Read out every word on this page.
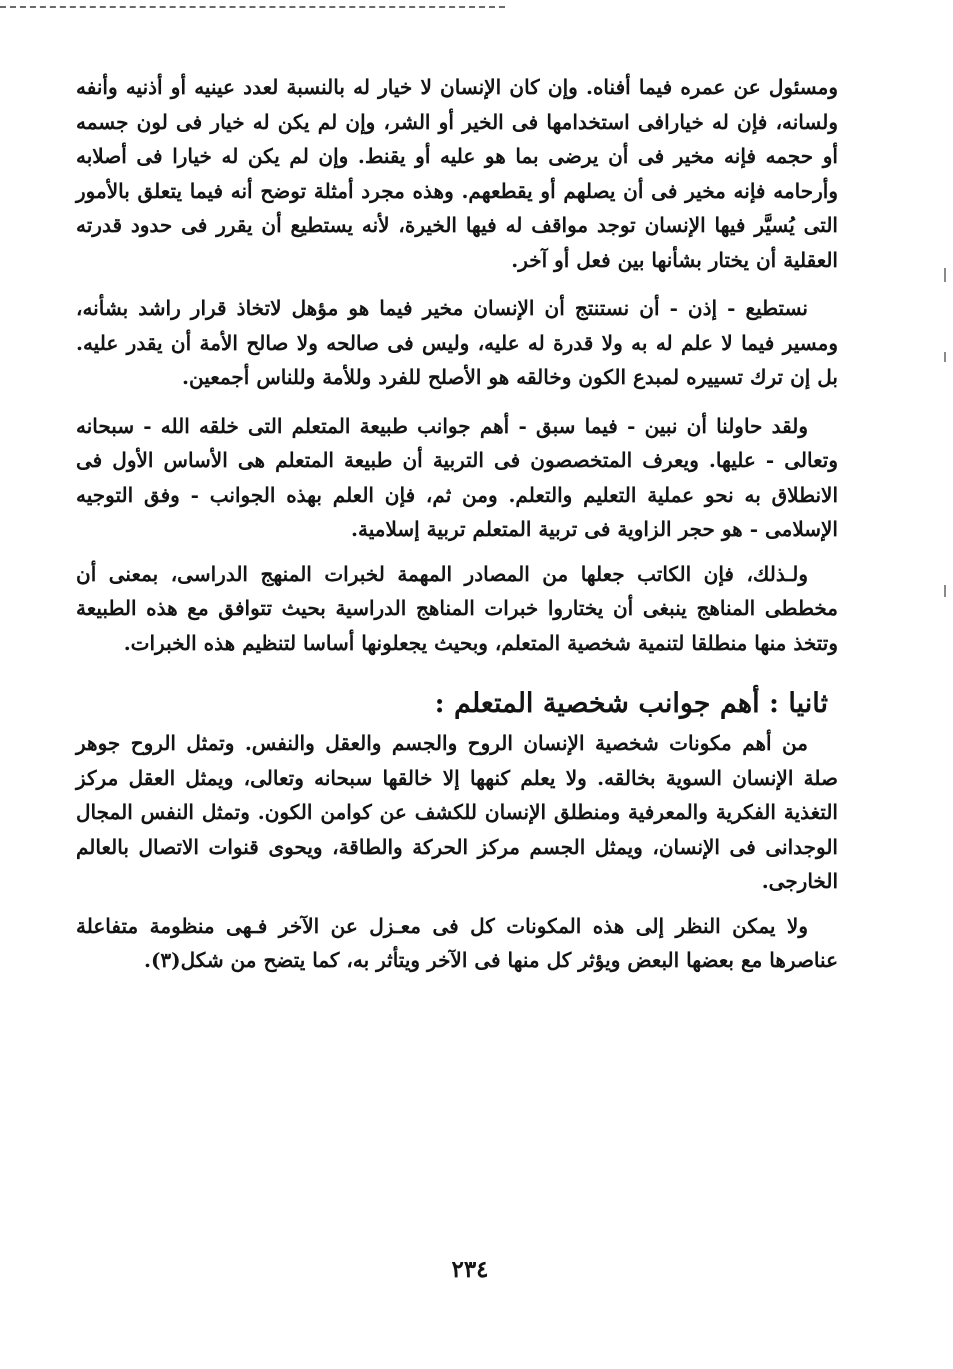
ومسئول عن عمره فيما أفناه. وإن كان الإنسان لا خيار له بالنسبة لعدد عينيه أو أذنيه وأنفه ولسانه، فإن له خيارافى استخدامها فى الخير أو الشر، وإن لم يكن له خيار فى لون جسمه أو حجمه فإنه مخير فى أن يرضى بما هو عليه أو يقنط. وإن لم يكن له خيارا فى أصلابه وأرحامه فإنه مخير فى أن يصلهم أو يقطعهم. وهذه مجرد أمثلة توضح أنه فيما يتعلق بالأمور التى يُسيَّر فيها الإنسان توجد مواقف له فيها الخيرة، لأنه يستطيع أن يقرر فى حدود قدرته العقلية أن يختار بشأنها بين فعل أو آخر.

نستطيع - إذن - أن نستنتج أن الإنسان مخير فيما هو مؤهل لاتخاذ قرار راشد بشأنه، ومسير فيما لا علم له به ولا قدرة له عليه، وليس فى صالحه ولا صالح الأمة أن يقدر عليه. بل إن ترك تسييره لمبدع الكون وخالقه هو الأصلح للفرد وللأمة وللناس أجمعين.

ولقد حاولنا أن نبين - فيما سبق - أهم جوانب طبيعة المتعلم التى خلقه الله - سبحانه وتعالى - عليها. ويعرف المتخصصون فى التربية أن طبيعة المتعلم هى الأساس الأول فى الانطلاق به نحو عملية التعليم والتعلم. ومن ثم، فإن العلم بهذه الجوانب - وفق التوجيه الإسلامى - هو حجر الزاوية فى تربية المتعلم تربية إسلامية.

ولـذلك، فإن الكاتب جعلها من المصادر المهمة لخبرات المنهج الدراسى، بمعنى أن مخططى المناهج ينبغى أن يختاروا خبرات المناهج الدراسية بحيث تتوافق مع هذه الطبيعة وتتخذ منها منطلقا لتنمية شخصية المتعلم، وبحيث يجعلونها أساسا لتنظيم هذه الخبرات.

ثانيا : أهم جوانب شخصية المتعلم :

من أهم مكونات شخصية الإنسان الروح والجسم والعقل والنفس. وتمثل الروح جوهر صلة الإنسان السوية بخالقه. ولا يعلم كنهها إلا خالقها سبحانه وتعالى، ويمثل العقل مركز التغذية الفكرية والمعرفية ومنطلق الإنسان للكشف عن كوامن الكون. وتمثل النفس المجال الوجدانى فى الإنسان، ويمثل الجسم مركز الحركة والطاقة، ويحوى قنوات الاتصال بالعالم الخارجى.

ولا يمكن النظر إلى هذه المكونات كل فى معـزل عن الآخر فـهى منظومة متفاعلة عناصرها مع بعضها البعض ويؤثر كل منها فى الآخر ويتأثر به، كما يتضح من شكل(٣).

٢٣٤
